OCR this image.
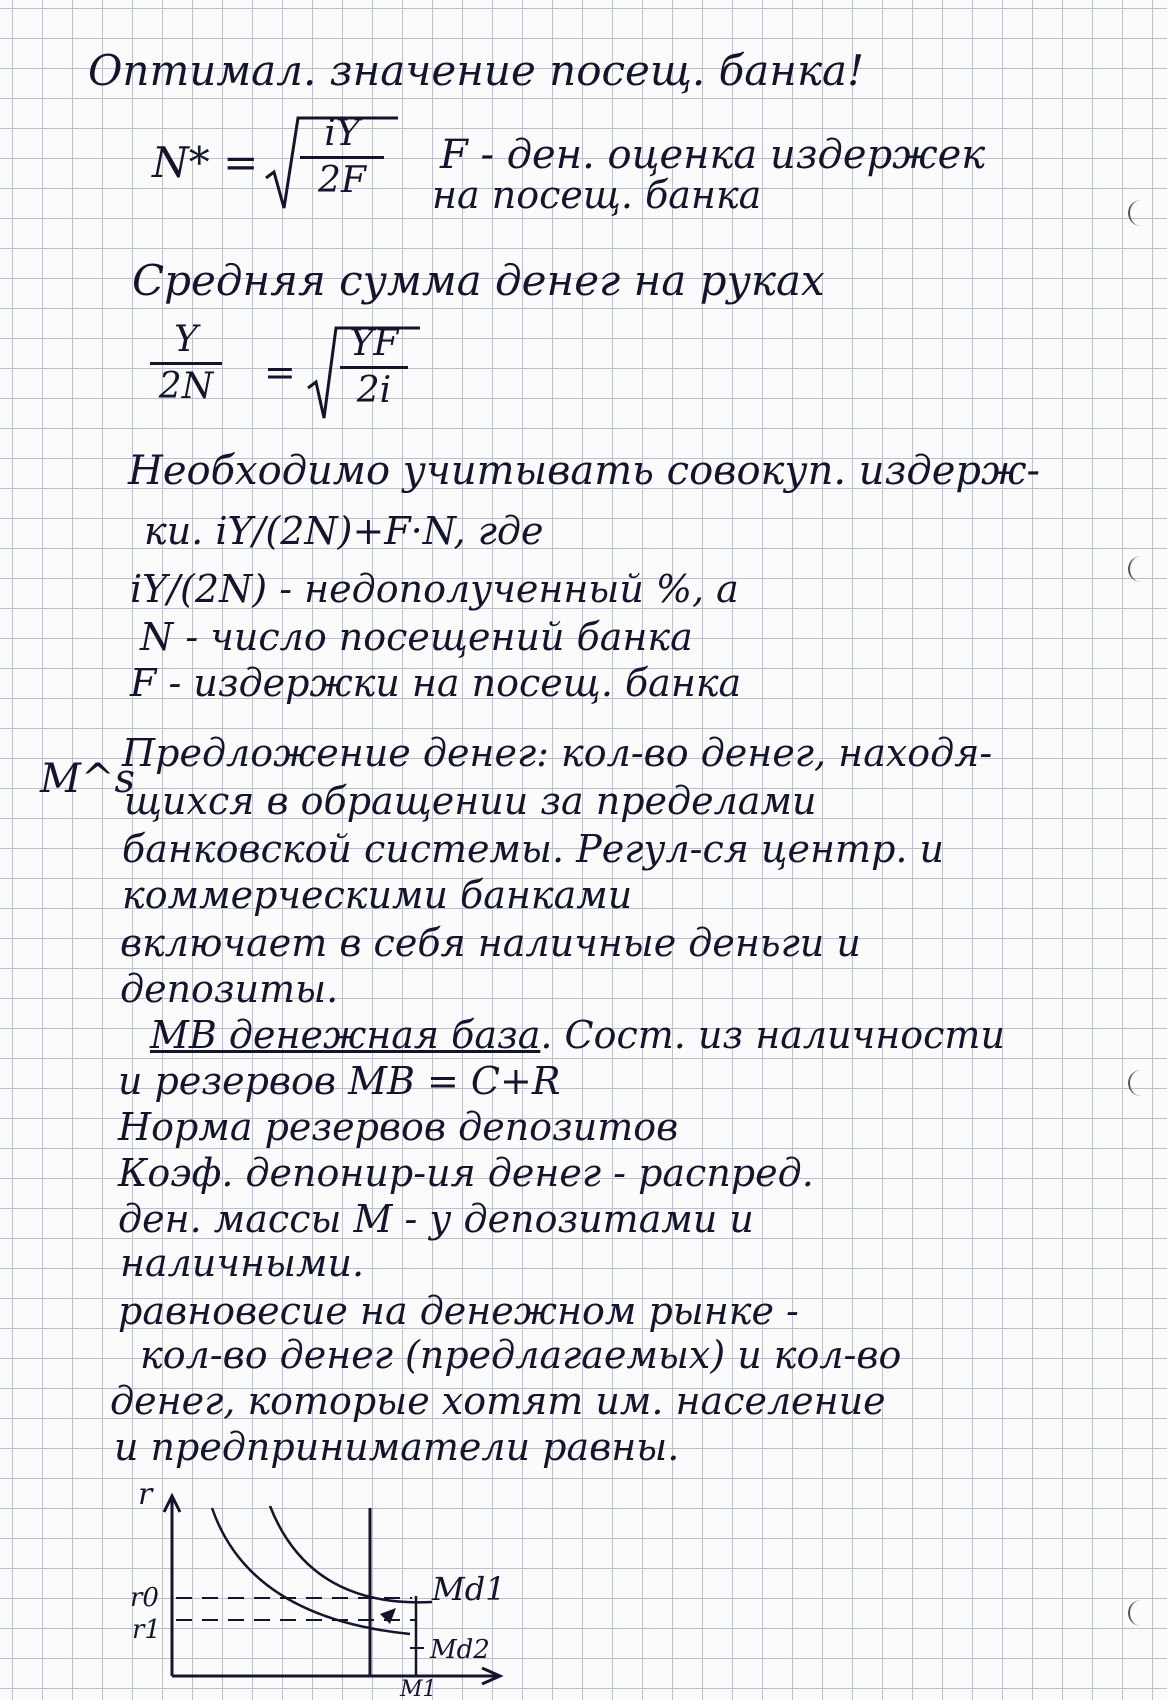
Оптимал. значение посещ. банка!
N* =
iY
2F
F - ден. оценка издержек
на посещ. банка
Средняя сумма денег на руках
Y
2N =
YF
2i
Необходимо учитывать совокуп. издерж-
ки. iY/(2N)+F·N, где
iY/(2N) - недополученный %, а
N - число посещений банка
F - издержки на посещ. банка
M^s
Предложение денег: кол-во денег, находя-
щихся в обращении за пределами
банковской системы. Регул-ся центр. и
коммерческими банками
включает в себя наличные деньги и
депозиты.
MB денежная база. Сост. из наличности
и резервов MB = C+R
Норма резервов депозитов
Коэф. депонир-ия денег - распред.
ден. массы M - у депозитами и
наличными.
равновесие на денежном рынке -
кол-во денег (предлагаемых) и кол-во
денег, которые хотят им. население
и предприниматели равны.
r
r0
r1
Md1
Md2
M1
